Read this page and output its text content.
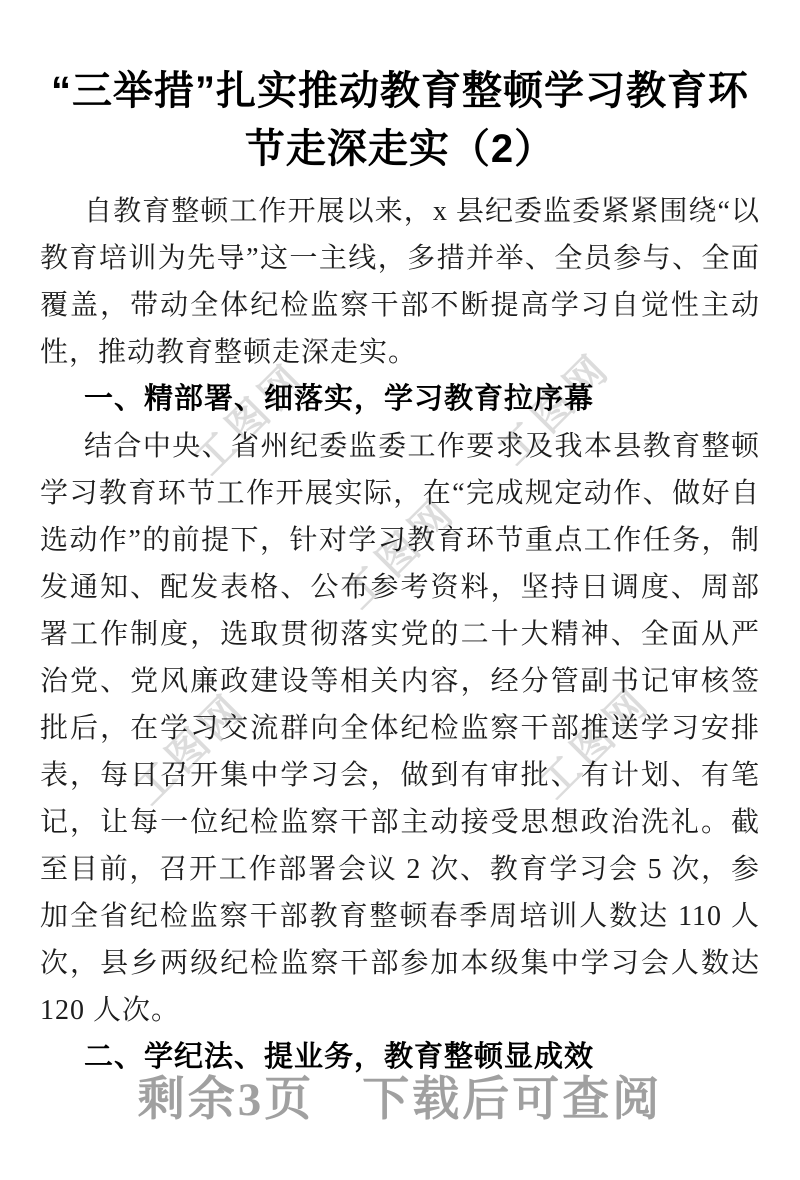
工图网	工图网
工图网
工图网	工图网
“三举措”扎实推动教育整顿学习教育环节走深走实（2）

自教育整顿工作开展以来，x 县纪委监委紧紧围绕“以教育培训为先导”这一主线，多措并举、全员参与、全面覆盖，带动全体纪检监察干部不断提高学习自觉性主动性，推动教育整顿走深走实。

一、精部署、细落实，学习教育拉序幕

结合中央、省州纪委监委工作要求及我本县教育整顿学习教育环节工作开展实际，在“完成规定动作、做好自选动作”的前提下，针对学习教育环节重点工作任务，制发通知、配发表格、公布参考资料，坚持日调度、周部署工作制度，选取贯彻落实党的二十大精神、全面从严治党、党风廉政建设等相关内容，经分管副书记审核签批后，在学习交流群向全体纪检监察干部推送学习安排表，每日召开集中学习会，做到有审批、有计划、有笔记，让每一位纪检监察干部主动接受思想政治洗礼。截至目前，召开工作部署会议 2 次、教育学习会 5 次，参加全省纪检监察干部教育整顿春季周培训人数达 110 人次，县乡两级纪检监察干部参加本级集中学习会人数达 120 人次。

二、学纪法、提业务，教育整顿显成效
剩余3页 下载后可查阅
